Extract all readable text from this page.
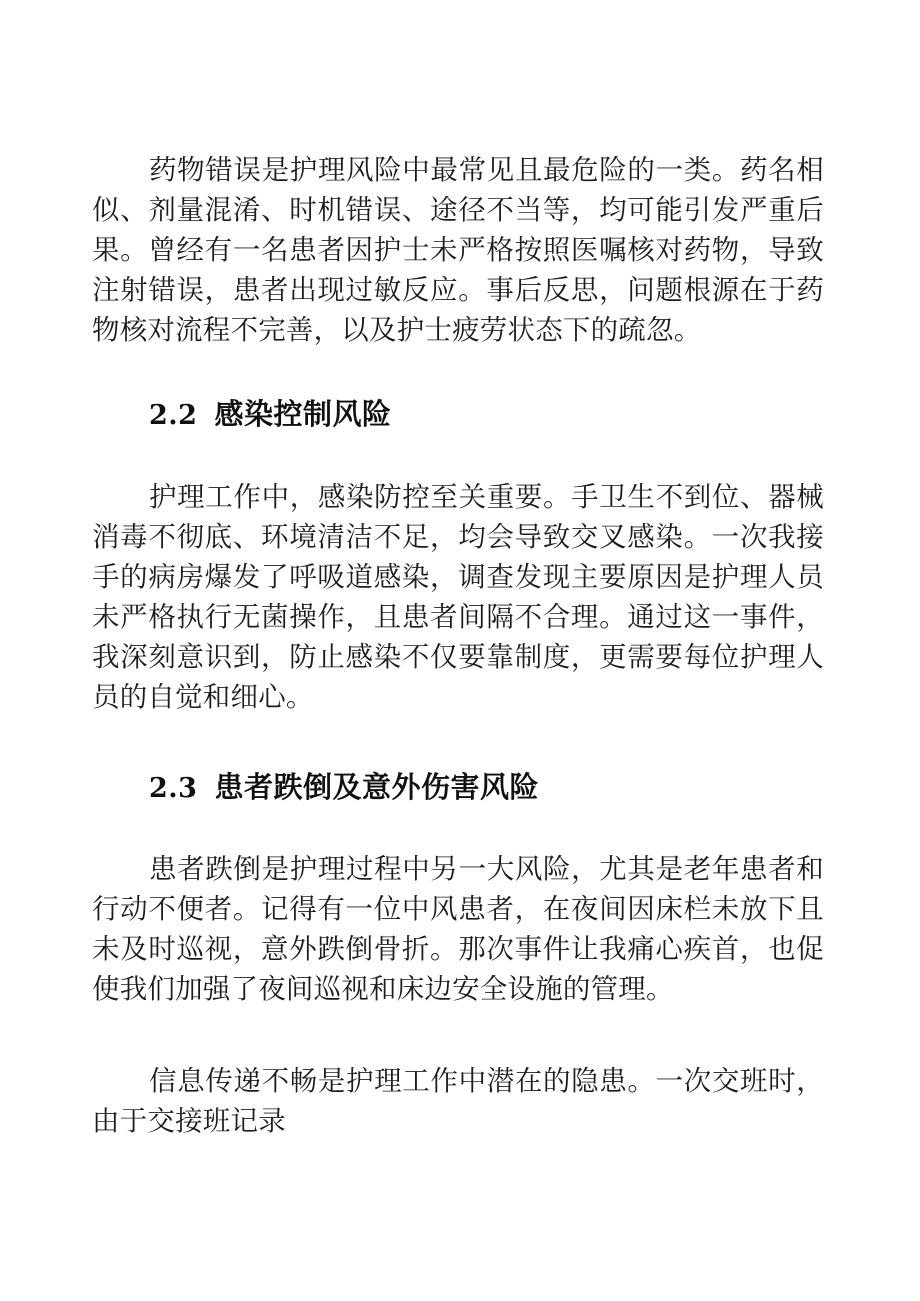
药物错误是护理风险中最常见且最危险的一类。药名相似、剂量混淆、时机错误、途径不当等，均可能引发严重后果。曾经有一名患者因护士未严格按照医嘱核对药物，导致注射错误，患者出现过敏反应。事后反思，问题根源在于药物核对流程不完善，以及护士疲劳状态下的疏忽。

2.2 感染控制风险

护理工作中，感染防控至关重要。手卫生不到位、器械消毒不彻底、环境清洁不足，均会导致交叉感染。一次我接手的病房爆发了呼吸道感染，调查发现主要原因是护理人员未严格执行无菌操作，且患者间隔不合理。通过这一事件，我深刻意识到，防止感染不仅要靠制度，更需要每位护理人员的自觉和细心。

2.3 患者跌倒及意外伤害风险

患者跌倒是护理过程中另一大风险，尤其是老年患者和行动不便者。记得有一位中风患者，在夜间因床栏未放下且未及时巡视，意外跌倒骨折。那次事件让我痛心疾首，也促使我们加强了夜间巡视和床边安全设施的管理。

信息传递不畅是护理工作中潜在的隐患。一次交班时，由于交接班记录
